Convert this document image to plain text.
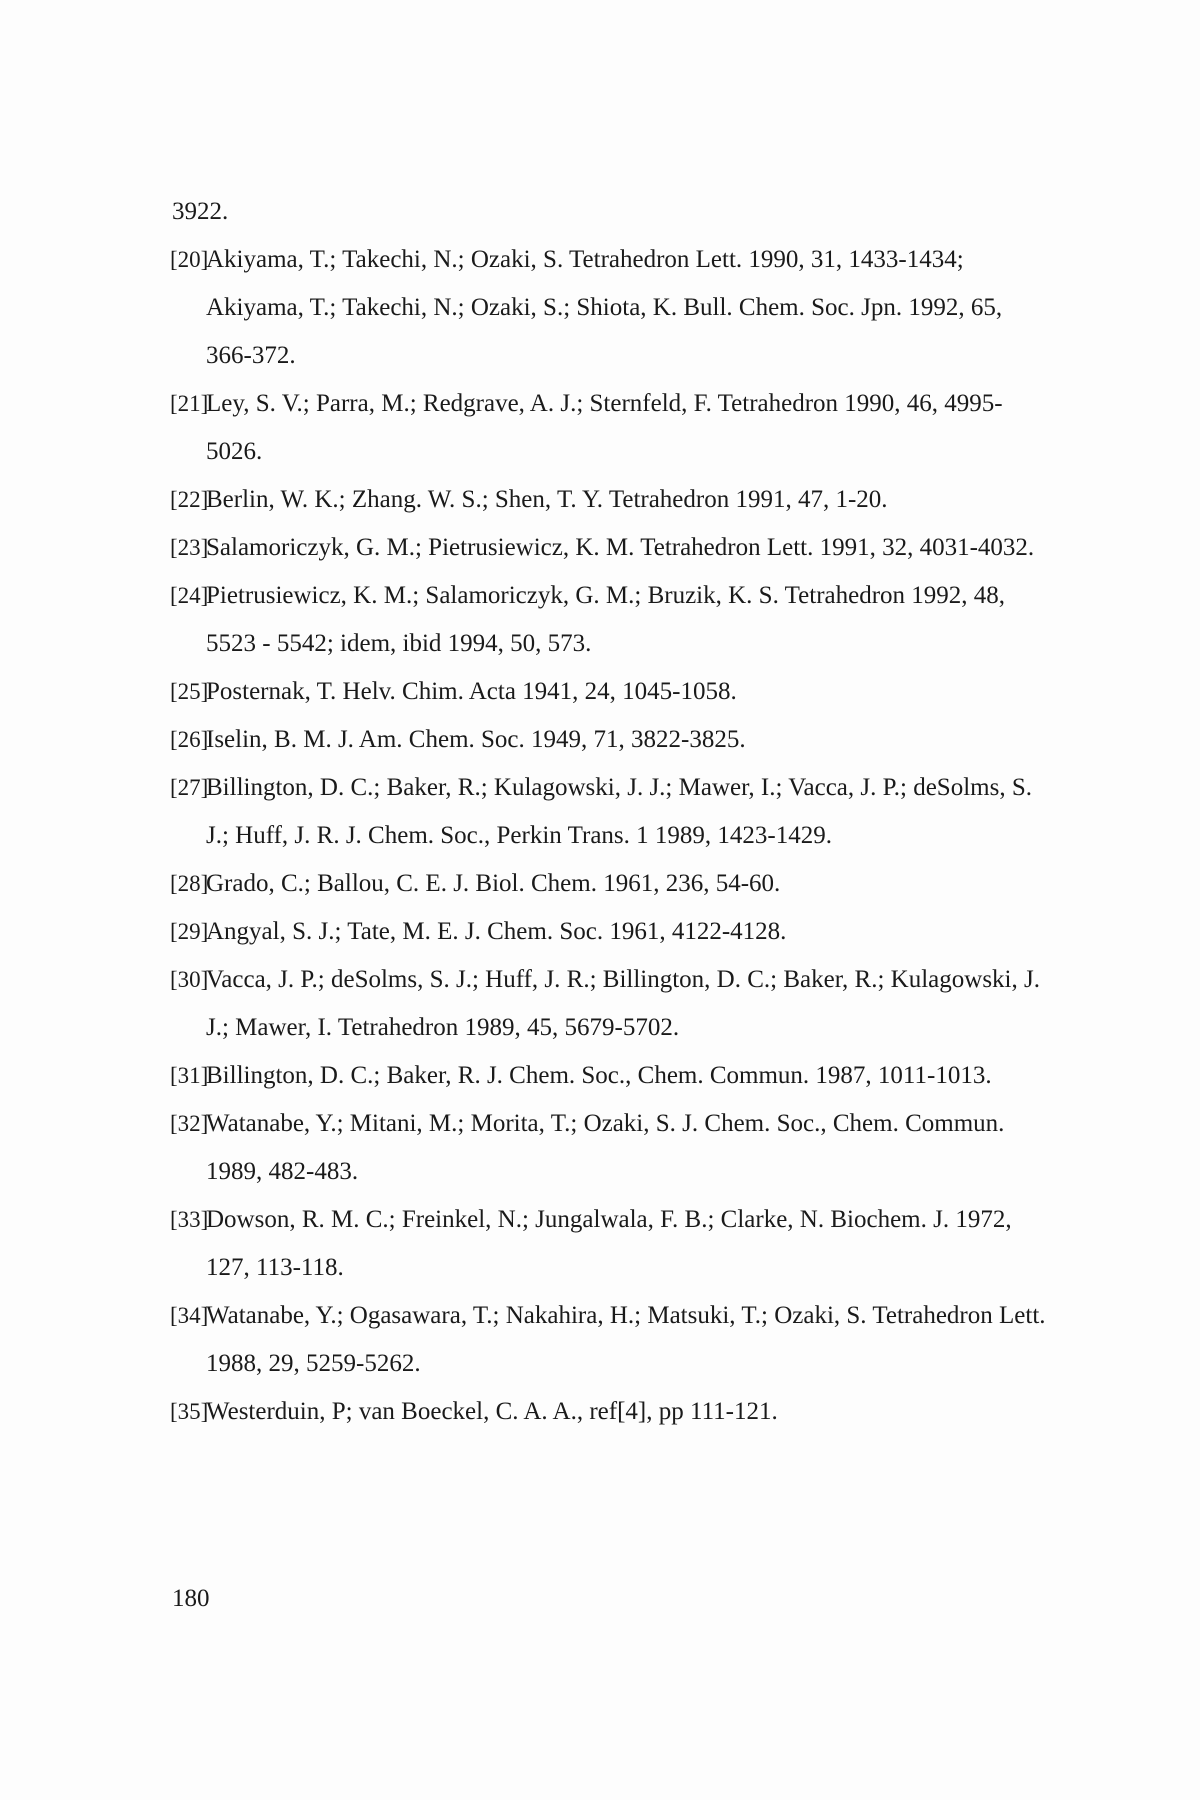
3922.

[20]
Akiyama, T.; Takechi, N.; Ozaki, S. Tetrahedron Lett. 1990, 31, 1433-1434; Akiyama, T.; Takechi, N.; Ozaki, S.; Shiota, K. Bull. Chem. Soc. Jpn. 1992, 65, 366-372.
[21]
Ley, S. V.; Parra, M.; Redgrave, A. J.; Sternfeld, F. Tetrahedron 1990, 46, 4995-5026.
[22]
Berlin, W. K.; Zhang. W. S.; Shen, T. Y. Tetrahedron 1991, 47, 1-20.
[23]
Salamoriczyk, G. M.; Pietrusiewicz, K. M. Tetrahedron Lett. 1991, 32, 4031-4032.
[24]
Pietrusiewicz, K. M.; Salamoriczyk, G. M.; Bruzik, K. S. Tetrahedron 1992, 48, 5523 - 5542; idem, ibid 1994, 50, 573.
[25]
Posternak, T. Helv. Chim. Acta 1941, 24, 1045-1058.
[26]
Iselin, B. M. J. Am. Chem. Soc. 1949, 71, 3822-3825.
[27]
Billington, D. C.; Baker, R.; Kulagowski, J. J.; Mawer, I.; Vacca, J. P.; deSolms, S. J.; Huff, J. R. J. Chem. Soc., Perkin Trans. 1 1989, 1423-1429.
[28]
Grado, C.; Ballou, C. E. J. Biol. Chem. 1961, 236, 54-60.
[29]
Angyal, S. J.; Tate, M. E. J. Chem. Soc. 1961, 4122-4128.
[30]
Vacca, J. P.; deSolms, S. J.; Huff, J. R.; Billington, D. C.; Baker, R.; Kulagowski, J. J.; Mawer, I. Tetrahedron 1989, 45, 5679-5702.
[31]
Billington, D. C.; Baker, R. J. Chem. Soc., Chem. Commun. 1987, 1011-1013.
[32]
Watanabe, Y.; Mitani, M.; Morita, T.; Ozaki, S. J. Chem. Soc., Chem. Commun. 1989, 482-483.
[33]
Dowson, R. M. C.; Freinkel, N.; Jungalwala, F. B.; Clarke, N. Biochem. J. 1972, 127, 113-118.
[34]
Watanabe, Y.; Ogasawara, T.; Nakahira, H.; Matsuki, T.; Ozaki, S. Tetrahedron Lett. 1988, 29, 5259-5262.
[35]
Westerduin, P; van Boeckel, C. A. A., ref[4], pp 111-121.
180
